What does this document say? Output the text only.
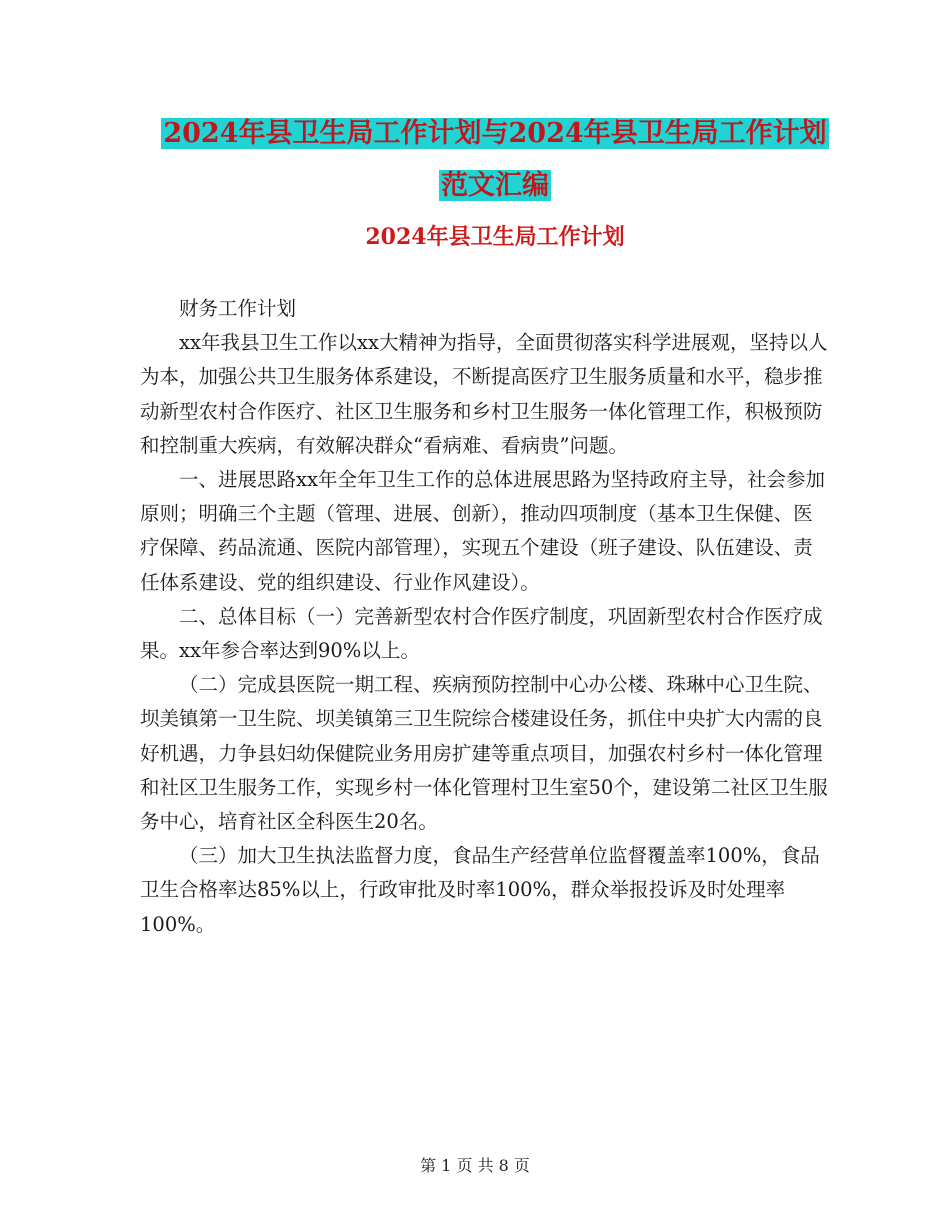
2024年县卫生局工作计划与2024年县卫生局工作计划
范文汇编
2024年县卫生局工作计划

财务工作计划

xx年我县卫生工作以xx大精神为指导，全面贯彻落实科学进展观，坚持以人为本，加强公共卫生服务体系建设，不断提高医疗卫生服务质量和水平，稳步推动新型农村合作医疗、社区卫生服务和乡村卫生服务一体化管理工作，积极预防和控制重大疾病，有效解决群众“看病难、看病贵”问题。

一、进展思路xx年全年卫生工作的总体进展思路为坚持政府主导，社会参加原则；明确三个主题（管理、进展、创新），推动四项制度（基本卫生保健、医疗保障、药品流通、医院内部管理），实现五个建设（班子建设、队伍建设、责任体系建设、党的组织建设、行业作风建设）。

二、总体目标（一）完善新型农村合作医疗制度，巩固新型农村合作医疗成果。xx年参合率达到90%以上。

（二）完成县医院一期工程、疾病预防控制中心办公楼、珠琳中心卫生院、坝美镇第一卫生院、坝美镇第三卫生院综合楼建设任务，抓住中央扩大内需的良好机遇，力争县妇幼保健院业务用房扩建等重点项目，加强农村乡村一体化管理和社区卫生服务工作，实现乡村一体化管理村卫生室50个，建设第二社区卫生服务中心，培育社区全科医生20名。

（三）加大卫生执法监督力度，食品生产经营单位监督覆盖率100%，食品卫生合格率达85%以上，行政审批及时率100%，群众举报投诉及时处理率100%。

第 1 页 共 8 页
